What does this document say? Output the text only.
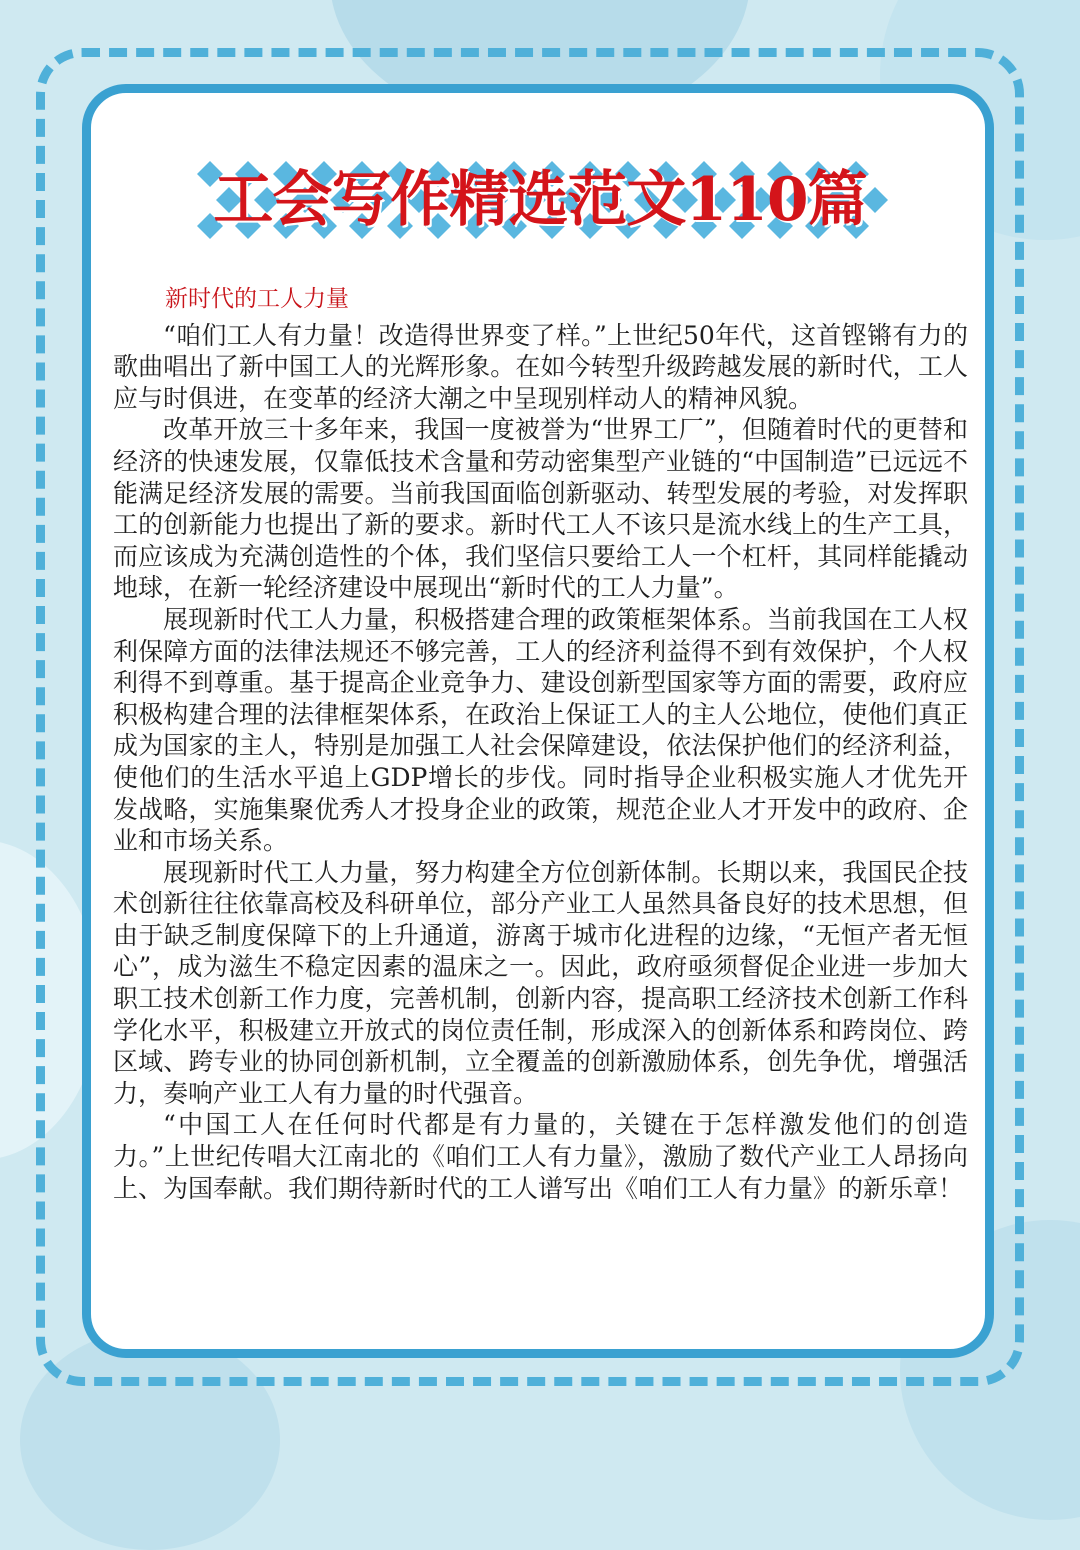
工会写作精选范文110篇
新时代的工人力量

“咱们工人有力量！改造得世界变了样。”上世纪50年代，这首铿锵有力的歌曲唱出了新中国工人的光辉形象。在如今转型升级跨越发展的新时代，工人应与时俱进，在变革的经济大潮之中呈现别样动人的精神风貌。

改革开放三十多年来，我国一度被誉为“世界工厂”，但随着时代的更替和经济的快速发展，仅靠低技术含量和劳动密集型产业链的“中国制造”已远远不能满足经济发展的需要。当前我国面临创新驱动、转型发展的考验，对发挥职工的创新能力也提出了新的要求。新时代工人不该只是流水线上的生产工具，而应该成为充满创造性的个体，我们坚信只要给工人一个杠杆，其同样能撬动地球，在新一轮经济建设中展现出“新时代的工人力量”。

展现新时代工人力量，积极搭建合理的政策框架体系。当前我国在工人权利保障方面的法律法规还不够完善，工人的经济利益得不到有效保护，个人权利得不到尊重。基于提高企业竞争力、建设创新型国家等方面的需要，政府应积极构建合理的法律框架体系，在政治上保证工人的主人公地位，使他们真正成为国家的主人，特别是加强工人社会保障建设，依法保护他们的经济利益，使他们的生活水平追上GDP增长的步伐。同时指导企业积极实施人才优先开发战略，实施集聚优秀人才投身企业的政策，规范企业人才开发中的政府、企业和市场关系。

展现新时代工人力量，努力构建全方位创新体制。长期以来，我国民企技术创新往往依靠高校及科研单位，部分产业工人虽然具备良好的技术思想，但由于缺乏制度保障下的上升通道，游离于城市化进程的边缘，“无恒产者无恒心”，成为滋生不稳定因素的温床之一。因此，政府亟须督促企业进一步加大职工技术创新工作力度，完善机制，创新内容，提高职工经济技术创新工作科学化水平，积极建立开放式的岗位责任制，形成深入的创新体系和跨岗位、跨区域、跨专业的协同创新机制，立全覆盖的创新激励体系，创先争优，增强活力，奏响产业工人有力量的时代强音。

“中国工人在任何时代都是有力量的，关键在于怎样激发他们的创造力。”上世纪传唱大江南北的《咱们工人有力量》，激励了数代产业工人昂扬向上、为国奉献。我们期待新时代的工人谱写出《咱们工人有力量》的新乐章！
